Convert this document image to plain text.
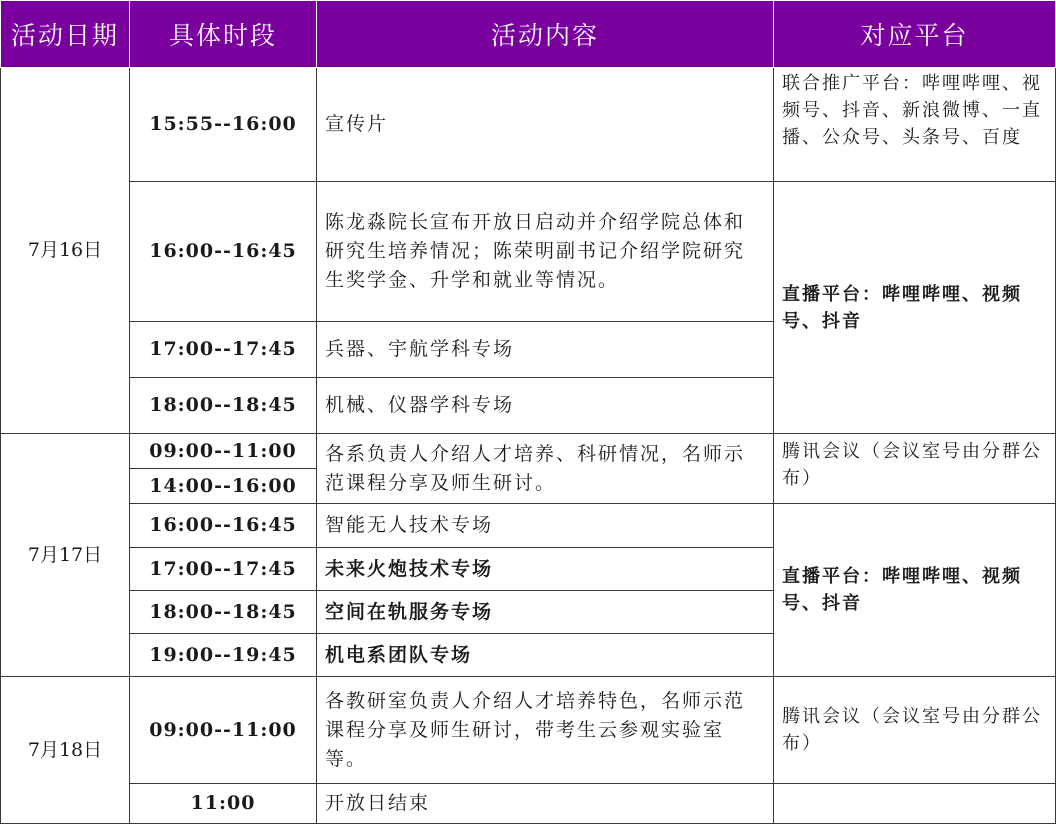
活动日期	具体时段	活动内容	对应平台
7月16日	15:55--16:00	宣传片	联合推广平台：哔哩哔哩、视频号、抖音、新浪微博、一直播、公众号、头条号、百度
	16:00--16:45	陈龙淼院长宣布开放日启动并介绍学院总体和研究生培养情况；陈荣明副书记介绍学院研究生奖学金、升学和就业等情况。	直播平台：哔哩哔哩、视频号、抖音
	17:00--17:45	兵器、宇航学科专场	
	18:00--18:45	机械、仪器学科专场	
7月17日	09:00--11:00	各系负责人介绍人才培养、科研情况，名师示范课程分享及师生研讨。	腾讯会议（会议室号由分群公布）
	14:00--16:00		
	16:00--16:45	智能无人技术专场	直播平台：哔哩哔哩、视频号、抖音
	17:00--17:45	未来火炮技术专场	
	18:00--18:45	空间在轨服务专场	
	19:00--19:45	机电系团队专场	
7月18日	09:00--11:00	各教研室负责人介绍人才培养特色，名师示范课程分享及师生研讨，带考生云参观实验室等。	腾讯会议（会议室号由分群公布）
	11:00	开放日结束	
